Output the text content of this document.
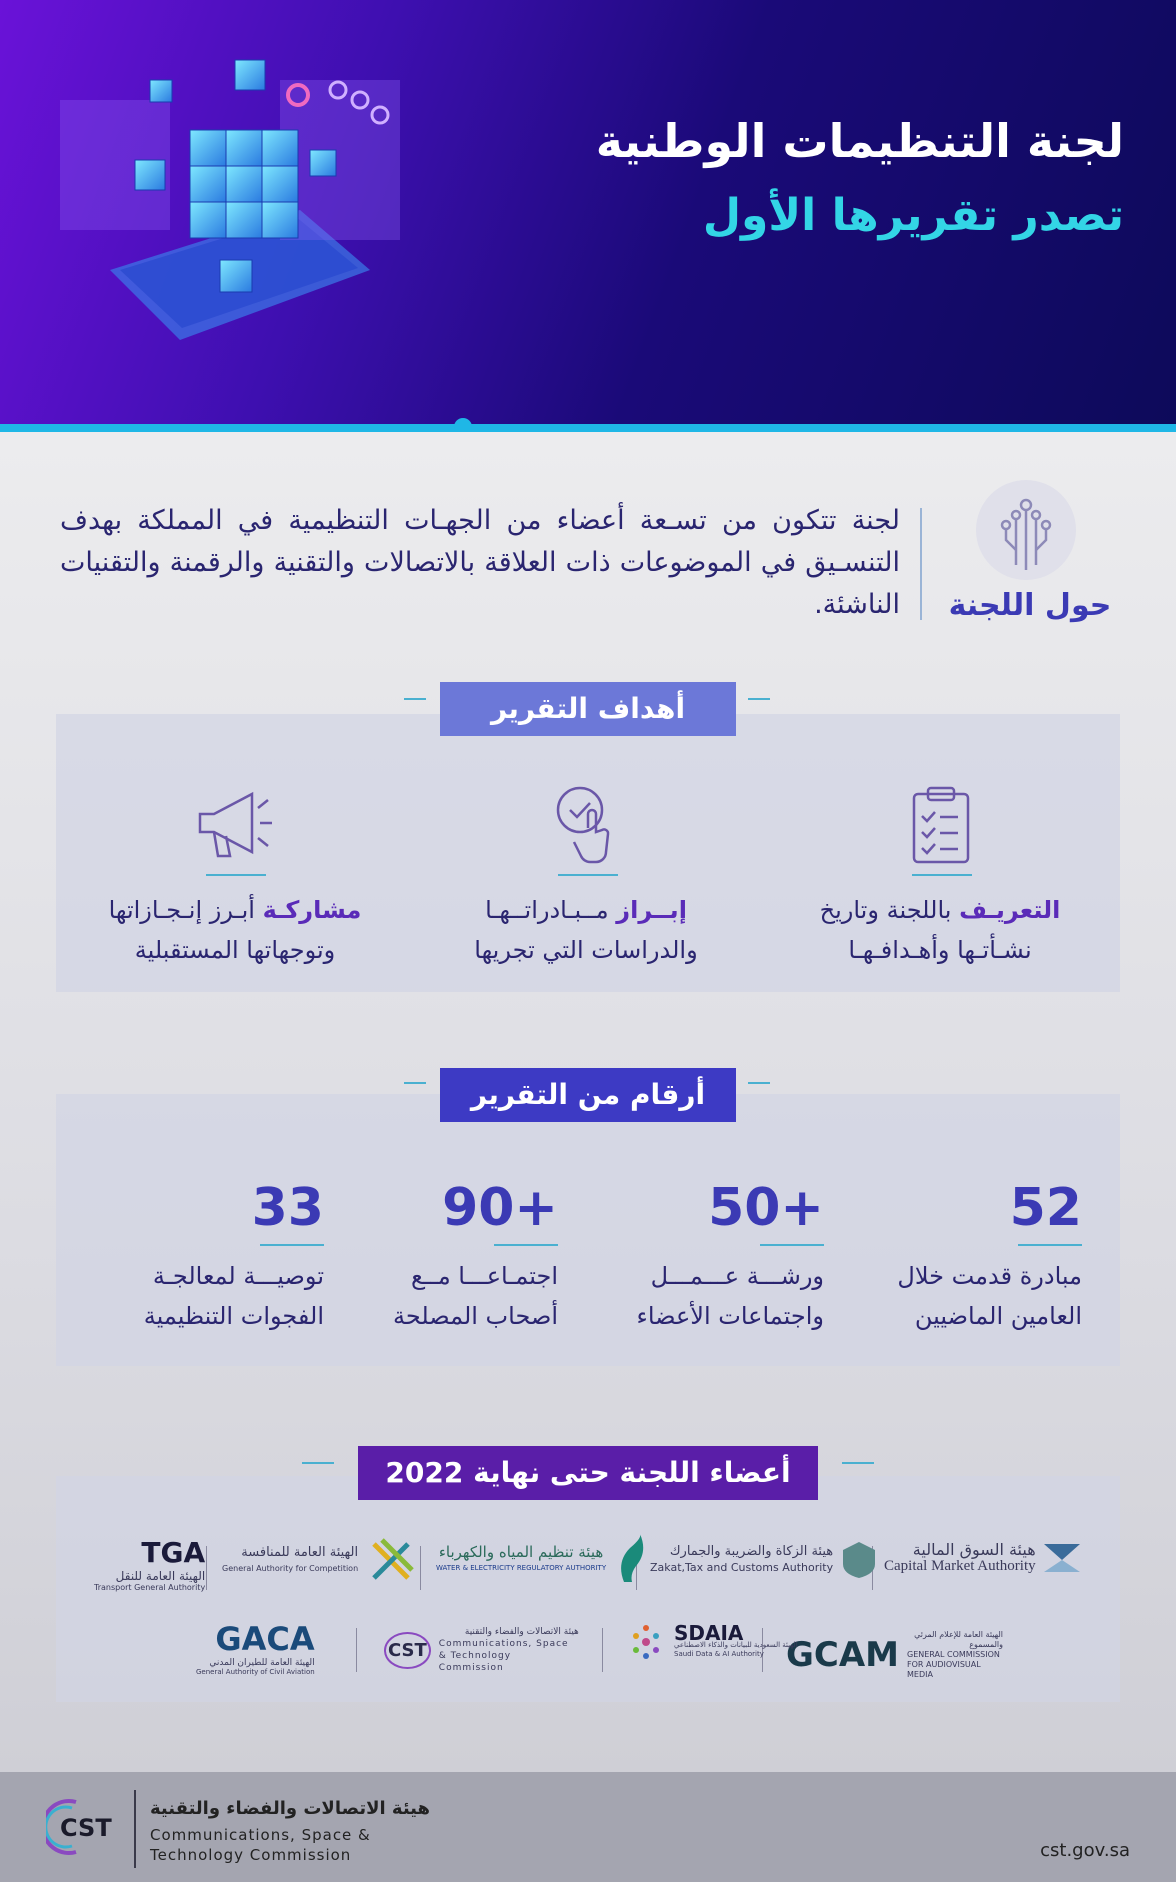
لجنة التنظيمات الوطنية
تصدر تقريرها الأول
حول اللجنة
لجنة تتكون من تسـعة أعضاء من الجهـات التنظيمية في المملكة بهدف التنسـيق في الموضوعات ذات العلاقة بالاتصالات والتقنية والرقمنة والتقنيات الناشئة.
أهداف التقرير
التعريـف باللجنة وتاريخ
نشـأتـها وأهـدافـهـا
إبــراز مــبـادراتــهـا
والدراسات التي تجريها
مشاركـة أبـرز إنـجـازاتها
وتوجهاتها المستقبلية
أرقام من التقرير
52
مبادرة قدمت خلال
العامين الماضيين
50+
ورشـــة عـــمـــل
واجتماعات الأعضاء
90+
اجتمـاعـــا مــع
أصحاب المصلحة
33
توصيـــة لمعالجـة
الفجوات التنظيمية
أعضاء اللجنة حتى نهاية 2022
هيئة السوق المالية
Capital Market Authority
هيئة الزكاة والضريبة والجمارك
Zakat,Tax and Customs Authority
هيئة تنظيم المياه والكهرباء
WATER & ELECTRICITY REGULATORY AUTHORITY
الهيئة العامة للمنافسة
General Authority for Competition
TGA
الهيئة العامة للنقل
Transport General Authority
GCAM
الهيئة العامة للإعلام المرئي والمسموع
GENERAL COMMISSION FOR AUDIOVISUAL MEDIA
SDAIA
الهيئة السعودية للبيانات والذكاء الاصطناعي
Saudi Data & AI Authority
CST
هيئة الاتصالات والفضاء والتقنية
Communications, Space & Technology Commission
GACA
الهيئة العامة للطيران المدني
General Authority of Civil Aviation
CST
هيئة الاتصالات والفضاء والتقنية
Communications, Space &
Technology Commission	cst.gov.sa
